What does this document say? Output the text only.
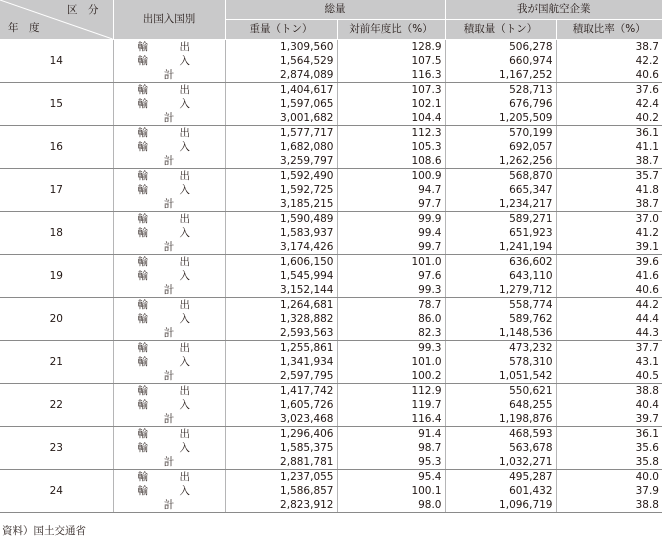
区　分
年　度	出国入国別	総量		我が国航空企業	
		重量（トン）	対前年度比（%）	積取量（トン）	積取比率（%）
14	輸　　　出	1,309,560	128.9	506,278	38.7
	輸　　　入	1,564,529	107.5	660,974	42.2
	計	2,874,089	116.3	1,167,252	40.6
15	輸　　　出	1,404,617	107.3	528,713	37.6
	輸　　　入	1,597,065	102.1	676,796	42.4
	計	3,001,682	104.4	1,205,509	40.2
16	輸　　　出	1,577,717	112.3	570,199	36.1
	輸　　　入	1,682,080	105.3	692,057	41.1
	計	3,259,797	108.6	1,262,256	38.7
17	輸　　　出	1,592,490	100.9	568,870	35.7
	輸　　　入	1,592,725	94.7	665,347	41.8
	計	3,185,215	97.7	1,234,217	38.7
18	輸　　　出	1,590,489	99.9	589,271	37.0
	輸　　　入	1,583,937	99.4	651,923	41.2
	計	3,174,426	99.7	1,241,194	39.1
19	輸　　　出	1,606,150	101.0	636,602	39.6
	輸　　　入	1,545,994	97.6	643,110	41.6
	計	3,152,144	99.3	1,279,712	40.6
20	輸　　　出	1,264,681	78.7	558,774	44.2
	輸　　　入	1,328,882	86.0	589,762	44.4
	計	2,593,563	82.3	1,148,536	44.3
21	輸　　　出	1,255,861	99.3	473,232	37.7
	輸　　　入	1,341,934	101.0	578,310	43.1
	計	2,597,795	100.2	1,051,542	40.5
22	輸　　　出	1,417,742	112.9	550,621	38.8
	輸　　　入	1,605,726	119.7	648,255	40.4
	計	3,023,468	116.4	1,198,876	39.7
23	輸　　　出	1,296,406	91.4	468,593	36.1
	輸　　　入	1,585,375	98.7	563,678	35.6
	計	2,881,781	95.3	1,032,271	35.8
24	輸　　　出	1,237,055	95.4	495,287	40.0
	輸　　　入	1,586,857	100.1	601,432	37.9
	計	2,823,912	98.0	1,096,719	38.8
資料）国土交通省
